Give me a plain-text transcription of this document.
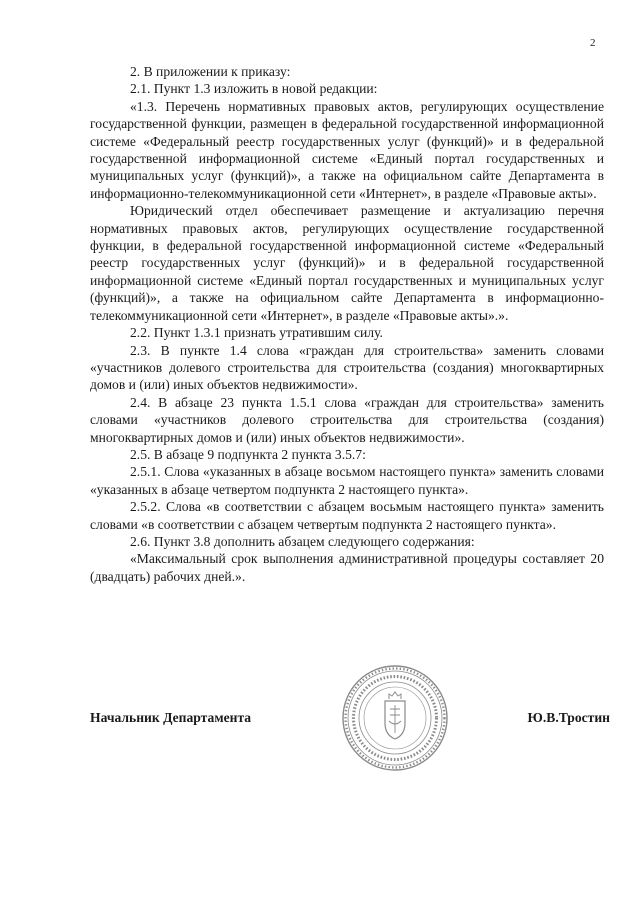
2

2. В приложении к приказу:

2.1. Пункт 1.3 изложить в новой редакции:

«1.3. Перечень нормативных правовых актов, регулирующих осуществление государственной функции, размещен в федеральной государственной информационной системе «Федеральный реестр государственных услуг (функций)» и в федеральной государственной информационной системе «Единый портал государственных и муниципальных услуг (функций)», а также на официальном сайте Департамента в информационно-телекоммуникационной сети «Интернет», в разделе «Правовые акты».

Юридический отдел обеспечивает размещение и актуализацию перечня нормативных правовых актов, регулирующих осуществление государственной функции, в федеральной государственной информационной системе «Федеральный реестр государственных услуг (функций)» и в федеральной государственной информационной системе «Единый портал государственных и муниципальных услуг (функций)», а также на официальном сайте Департамента в информационно-телекоммуникационной сети «Интернет», в разделе «Правовые акты».».

2.2. Пункт 1.3.1 признать утратившим силу.

2.3. В пункте 1.4 слова «граждан для строительства» заменить словами «участников долевого строительства для строительства (создания) многоквартирных домов и (или) иных объектов недвижимости».

2.4. В абзаце 23 пункта 1.5.1 слова «граждан для строительства» заменить словами «участников долевого строительства для строительства (создания) многоквартирных домов и (или) иных объектов недвижимости».

2.5. В абзаце 9 подпункта 2 пункта 3.5.7:

2.5.1. Слова «указанных в абзаце восьмом настоящего пункта» заменить словами «указанных в абзаце четвертом подпункта 2 настоящего пункта».

2.5.2. Слова «в соответствии с абзацем восьмым настоящего пункта» заменить словами «в соответствии с абзацем четвертым подпункта 2 настоящего пункта».

2.6. Пункт 3.8 дополнить абзацем следующего содержания:

«Максимальный срок выполнения административной процедуры составляет 20 (двадцать) рабочих дней.».

Начальник Департамента	Ю.В.Тростин
